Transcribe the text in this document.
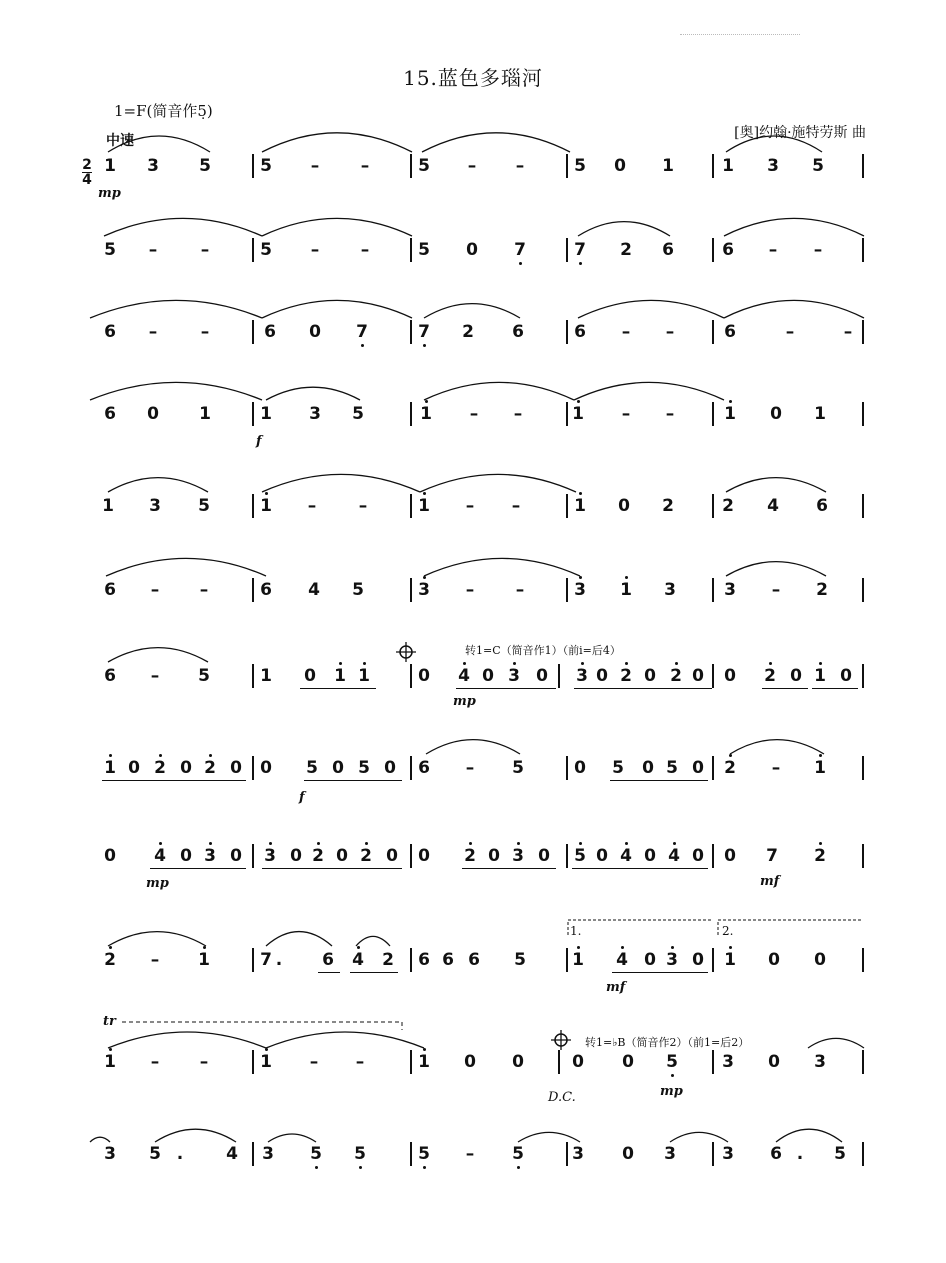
15.蓝色多瑙河
1=F(简音作5̣)
中速	[奥]约翰·施特劳斯 曲
2
4
1 3 5	5 – –	5 – –	5 0 1	1 3 5
5 –	–	5 – –	5 0 7	7 2 6	6 – –
6 –	–	6 0 7	7 2 6	6 – –	6	–	–
6 0 1	1 3 5	1 – –	1 – –	1 0 1
1 3 5	1 –	–	1 – –	1 0 2	2 4 6
6 – –	6 4 5	3 – –	3 1 3	3 – 2
6 – 5	1 0 1 1	0 4 0 3 0 3 0 2 0 2 0 0 2 0 1 0
1 0 2 0 2 0 0 5 0 5 0 6 – 5	0 5 0 5 0 2 – 1
0 4 0 3 0 3 0 2 0 2 0 0 2 0 3 0 5 0 4 0 4 0 0 7 2
2 – 1	7 . 6 4 2 6 6 6 5	1 4 0 3 0 1 0 0
1 – –	1 – –	1 0 0	0 0 5	3 0 3
3 5 .	4 3 5 5	5 – 5	3 0 3	3 6 . 5
转1=C（简音作1）（前i=后4）
转1=♭B（简音作2）（前1=后2）
1.	2.
D.C.
tr
mp
f
mp
f
mp	mf
mf
mp
